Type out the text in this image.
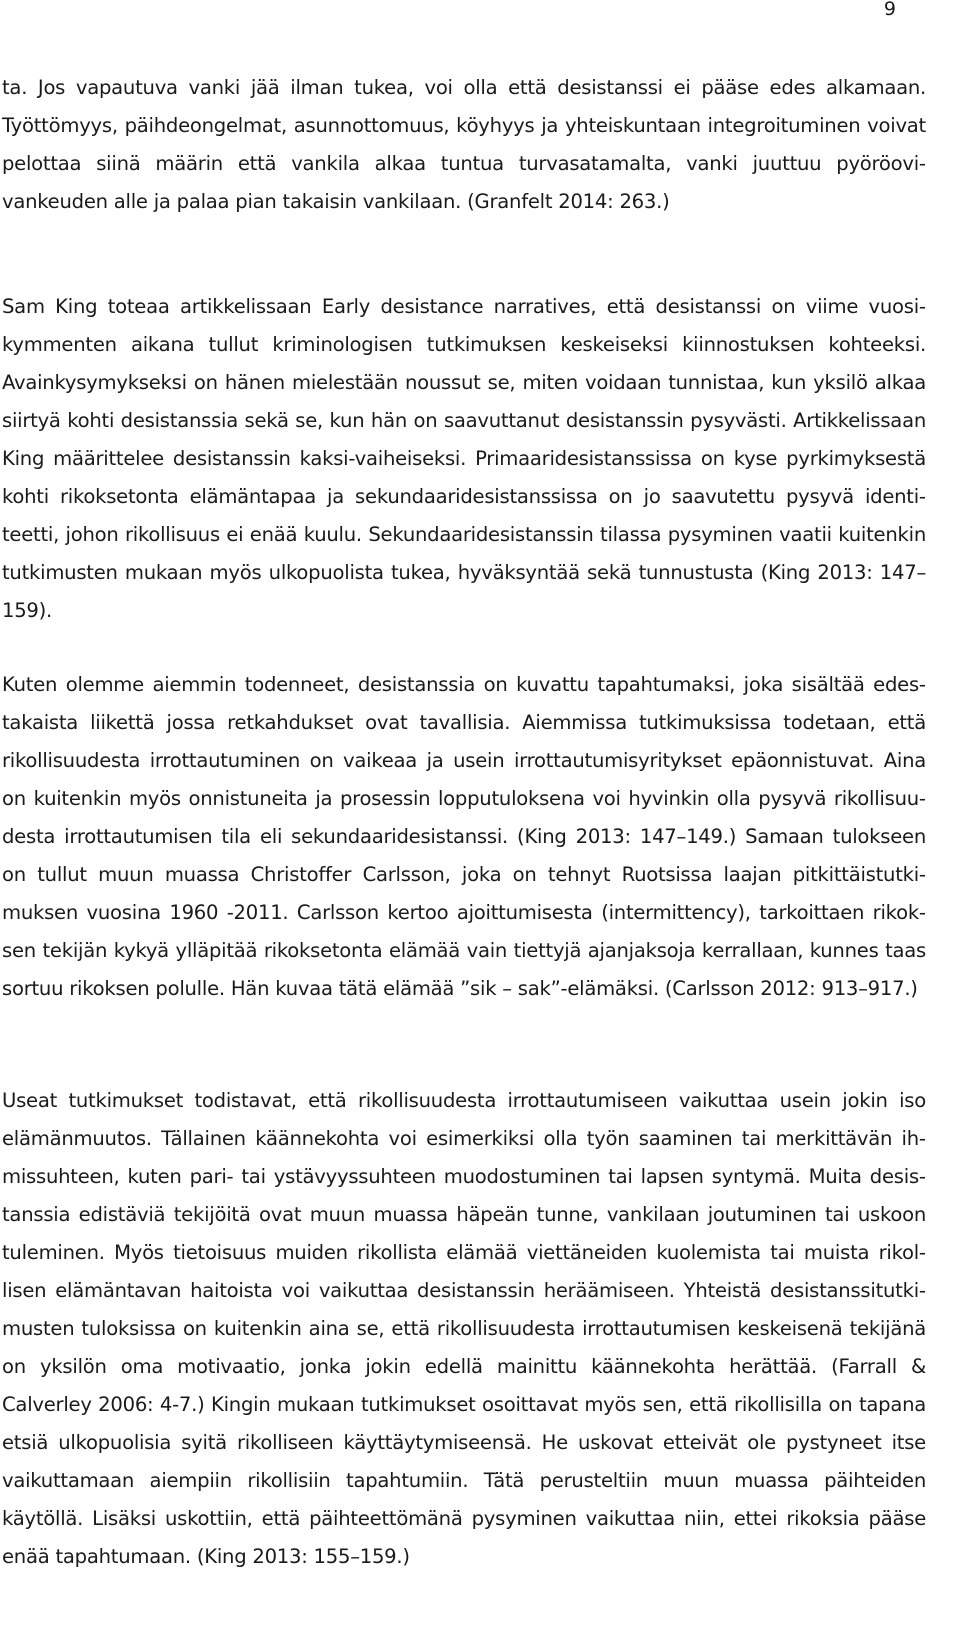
9

ta. Jos vapautuva vanki jää ilman tukea, voi olla että desistanssi ei pääse edes alkamaan. Työttömyys, päihdeongelmat, asunnottomuus, köyhyys ja yhteiskuntaan integroituminen voivat pelottaa siinä määrin että vankila alkaa tuntua turvasatamalta, vanki juuttuu pyöröovivankeuden alle ja palaa pian takaisin vankilaan. (Granfelt 2014: 263.)

Sam King toteaa artikkelissaan Early desistance narratives, että desistanssi on viime vuosikymmenten aikana tullut kriminologisen tutkimuksen keskeiseksi kiinnostuksen kohteeksi. Avainkysymykseksi on hänen mielestään noussut se, miten voidaan tunnistaa, kun yksilö alkaa siirtyä kohti desistanssia sekä se, kun hän on saavuttanut desistanssin pysyvästi. Artikkelissaan King määrittelee desistanssin kaksi-vaiheiseksi. Primaaridesistanssissa on kyse pyrkimyksestä kohti rikoksetonta elämäntapaa ja sekundaaridesistanssissa on jo saavutettu pysyvä identiteetti, johon rikollisuus ei enää kuulu. Sekundaaridesistanssin tilassa pysyminen vaatii kuitenkin tutkimusten mukaan myös ulkopuolista tukea, hyväksyntää sekä tunnustusta (King 2013: 147–159).

Kuten olemme aiemmin todenneet, desistanssia on kuvattu tapahtumaksi, joka sisältää edestakaista liikettä jossa retkahdukset ovat tavallisia. Aiemmissa tutkimuksissa todetaan, että rikollisuudesta irrottautuminen on vaikeaa ja usein irrottautumisyritykset epäonnistuvat. Aina on kuitenkin myös onnistuneita ja prosessin lopputuloksena voi hyvinkin olla pysyvä rikollisuudesta irrottautumisen tila eli sekundaaridesistanssi. (King 2013: 147–149.) Samaan tulokseen on tullut muun muassa Christoffer Carlsson, joka on tehnyt Ruotsissa laajan pitkittäistutkimuksen vuosina 1960 -2011. Carlsson kertoo ajoittumisesta (intermittency), tarkoittaen rikoksen tekijän kykyä ylläpitää rikoksetonta elämää vain tiettyjä ajanjaksoja kerrallaan, kunnes taas sortuu rikoksen polulle. Hän kuvaa tätä elämää ”sik – sak”-elämäksi. (Carlsson 2012: 913–917.)

Useat tutkimukset todistavat, että rikollisuudesta irrottautumiseen vaikuttaa usein jokin iso elämänmuutos. Tällainen käännekohta voi esimerkiksi olla työn saaminen tai merkittävän ihmissuhteen, kuten pari- tai ystävyyssuhteen muodostuminen tai lapsen syntymä. Muita desistanssia edistäviä tekijöitä ovat muun muassa häpeän tunne, vankilaan joutuminen tai uskoon tuleminen. Myös tietoisuus muiden rikollista elämää viettäneiden kuolemista tai muista rikollisen elämäntavan haitoista voi vaikuttaa desistanssin heräämiseen. Yhteistä desistanssitutkimusten tuloksissa on kuitenkin aina se, että rikollisuudesta irrottautumisen keskeisenä tekijänä on yksilön oma motivaatio, jonka jokin edellä mainittu käännekohta herättää. (Farrall & Calverley 2006: 4-7.) Kingin mukaan tutkimukset osoittavat myös sen, että rikollisilla on tapana etsiä ulkopuolisia syitä rikolliseen käyttäytymiseensä. He uskovat etteivät ole pystyneet itse vaikuttamaan aiempiin rikollisiin tapahtumiin. Tätä perusteltiin muun muassa päihteiden käytöllä. Lisäksi uskottiin, että päihteettömänä pysyminen vaikuttaa niin, ettei rikoksia pääse enää tapahtumaan. (King 2013: 155–159.)
